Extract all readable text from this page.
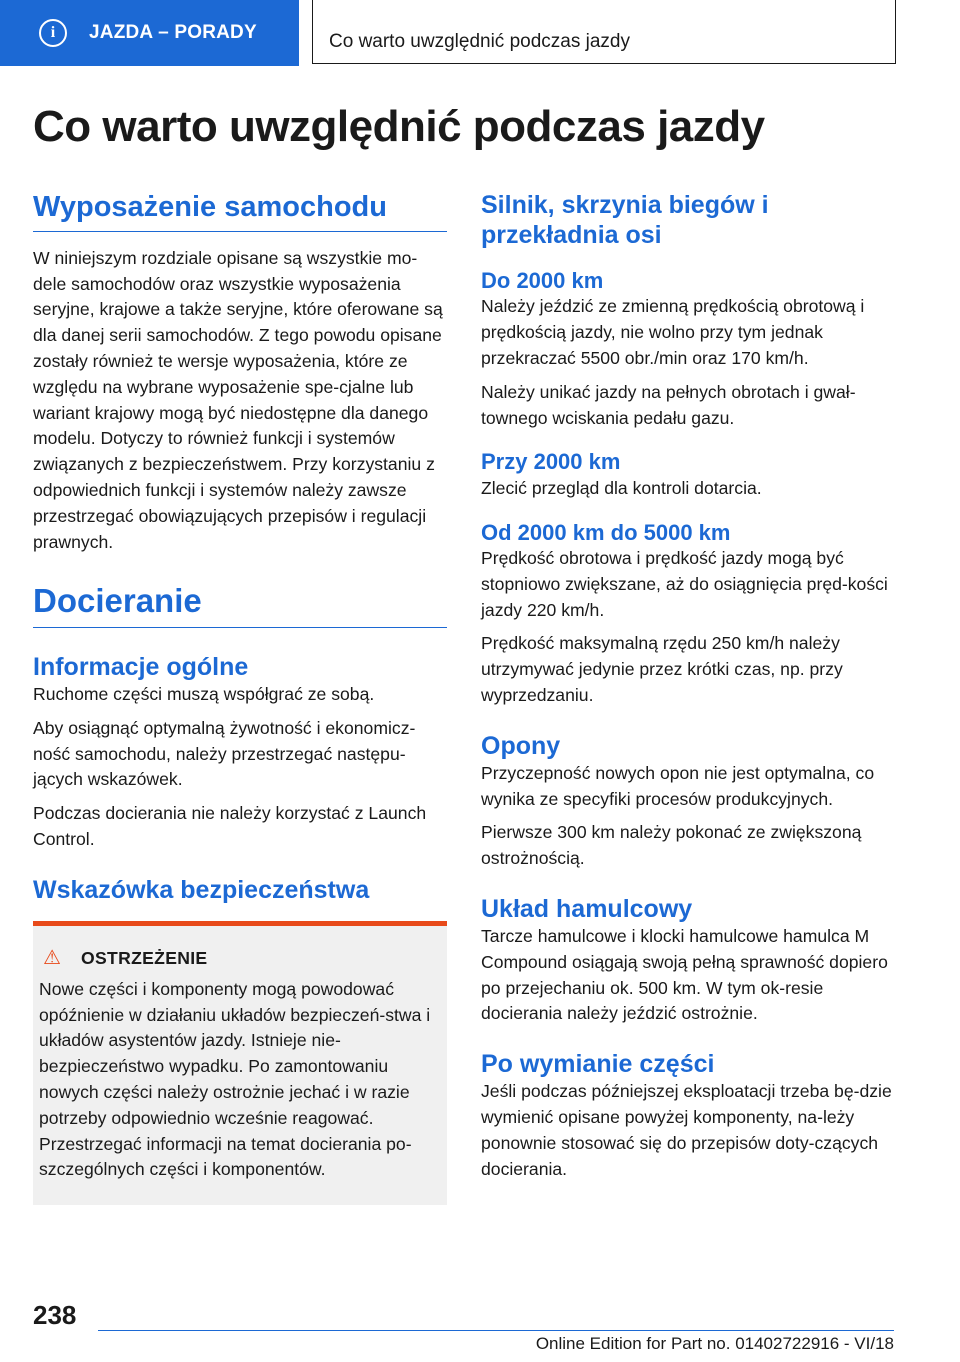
i	JAZDA – PORADY	Co warto uwzględnić podczas jazdy
Co warto uwzględnić podczas jazdy
Wyposażenie samochodu

W niniejszym rozdziale opisane są wszystkie mo-dele samochodów oraz wszystkie wyposażenia seryjne, krajowe a także seryjne, które oferowane są dla danej serii samochodów. Z tego powodu opisane zostały również te wersje wyposażenia, które ze względu na wybrane wyposażenie spe-cjalne lub wariant krajowy mogą być niedostępne dla danego modelu. Dotyczy to również funkcji i systemów związanych z bezpieczeństwem. Przy korzystaniu z odpowiednich funkcji i systemów należy zawsze przestrzegać obowiązujących przepisów i regulacji prawnych.

Docieranie
Informacje ogólne

Ruchome części muszą współgrać ze sobą.

Aby osiągnąć optymalną żywotność i ekonomicz-ność samochodu, należy przestrzegać następu-jących wskazówek.

Podczas docierania nie należy korzystać z Launch Control.

Wskazówka bezpieczeństwa
⚠ OSTRZEŻENIE

Nowe części i komponenty mogą powodować opóźnienie w działaniu układów bezpieczeń-stwa i układów asystentów jazdy. Istnieje nie-bezpieczeństwo wypadku. Po zamontowaniu nowych części należy ostrożnie jechać i w razie potrzeby odpowiednio wcześnie reagować. Przestrzegać informacji na temat docierania po-szczególnych części i komponentów.

Silnik, skrzynia biegów i przekładnia osi
Do 2000 km

Należy jeździć ze zmienną prędkością obrotową i prędkością jazdy, nie wolno przy tym jednak przekraczać 5500 obr./min oraz 170 km/h.

Należy unikać jazdy na pełnych obrotach i gwał-townego wciskania pedału gazu.

Przy 2000 km

Zlecić przegląd dla kontroli dotarcia.

Od 2000 km do 5000 km

Prędkość obrotowa i prędkość jazdy mogą być stopniowo zwiększane, aż do osiągnięcia pręd-kości jazdy 220 km/h.

Prędkość maksymalną rzędu 250 km/h należy utrzymywać jedynie przez krótki czas, np. przy wyprzedzaniu.

Opony

Przyczepność nowych opon nie jest optymalna, co wynika ze specyfiki procesów produkcyjnych.

Pierwsze 300 km należy pokonać ze zwiększoną ostrożnością.

Układ hamulcowy

Tarcze hamulcowe i klocki hamulcowe hamulca M Compound osiągają swoją pełną sprawność dopiero po przejechaniu ok. 500 km. W tym ok-resie docierania należy jeździć ostrożnie.

Po wymianie części

Jeśli podczas późniejszej eksploatacji trzeba bę-dzie wymienić opisane powyżej komponenty, na-leży ponownie stosować się do przepisów doty-czących docierania.

238
Online Edition for Part no. 01402722916 - VI/18
